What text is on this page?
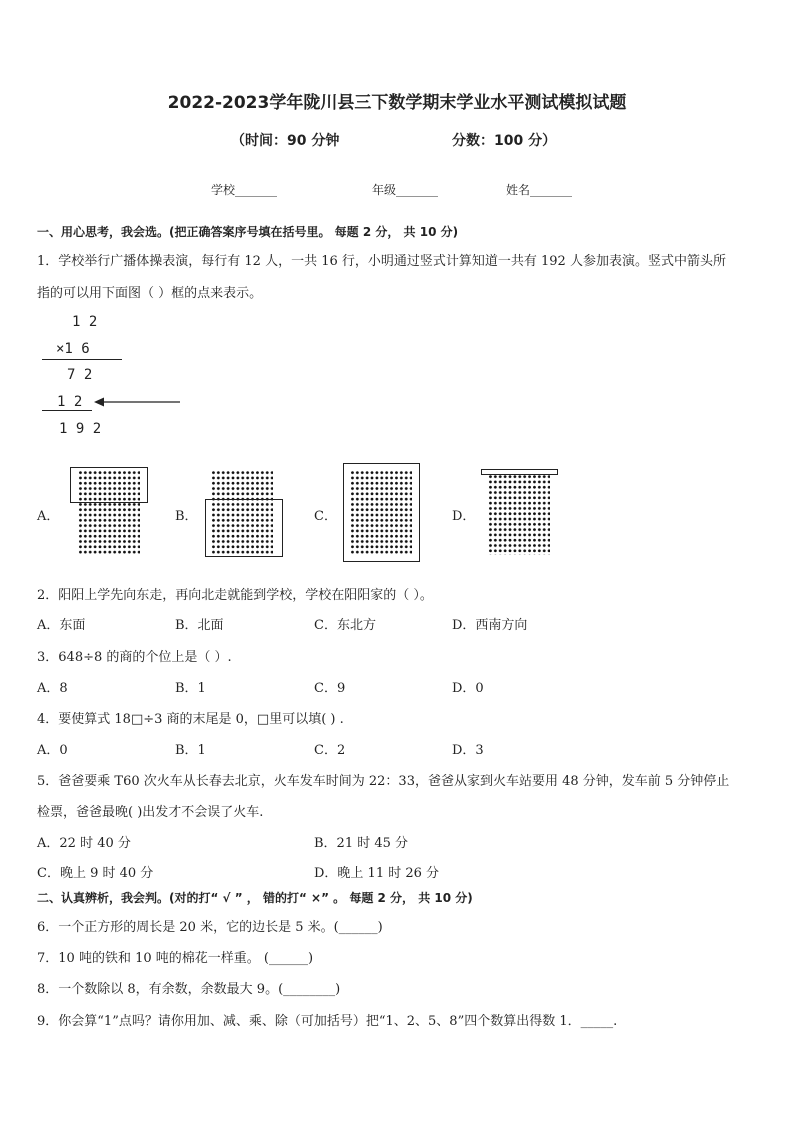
2022-2023学年陇川县三下数学期末学业水平测试模拟试题
（时间：90 分钟	分数：100 分）
学校_______	年级_______	姓名_______
一、用心思考，我会选。(把正确答案序号填在括号里。 每题 2 分， 共 10 分)
1．学校举行广播体操表演，每行有 12 人，一共 16 行，小明通过竖式计算知道一共有 192 人参加表演。竖式中箭头所
指的可以用下面图（ ）框的点来表示。
1 2
×1 6
7 2
1 2
1 9 2
A．	B．	C．	D．
2．阳阳上学先向东走，再向北走就能到学校，学校在阳阳家的（ ）。
A．东面	B．北面	C．东北方	D．西南方向
3．648÷8 的商的个位上是（ ）.
A．8	B．1	C．9	D．0
4．要使算式 18□÷3 商的末尾是 0，□里可以填( ) .
A．0	B．1	C．2	D．3
5．爸爸要乘 T60 次火车从长春去北京，火车发车时间为 22：33，爸爸从家到火车站要用 48 分钟，发车前 5 分钟停止
检票，爸爸最晚( )出发才不会误了火车.
A．22 时 40 分	B．21 时 45 分
C．晚上 9 时 40 分	D．晚上 11 时 26 分
二、认真辨析，我会判。(对的打“ √ ” ， 错的打“ ×” 。 每题 2 分， 共 10 分)
6．一个正方形的周长是 20 米，它的边长是 5 米。(______)
7．10 吨的铁和 10 吨的棉花一样重。 (______)
8．一个数除以 8，有余数，余数最大 9。(________)
9．你会算“1”点吗？请你用加、减、乘、除（可加括号）把“1、2、5、8”四个数算出得数 1．_____.
